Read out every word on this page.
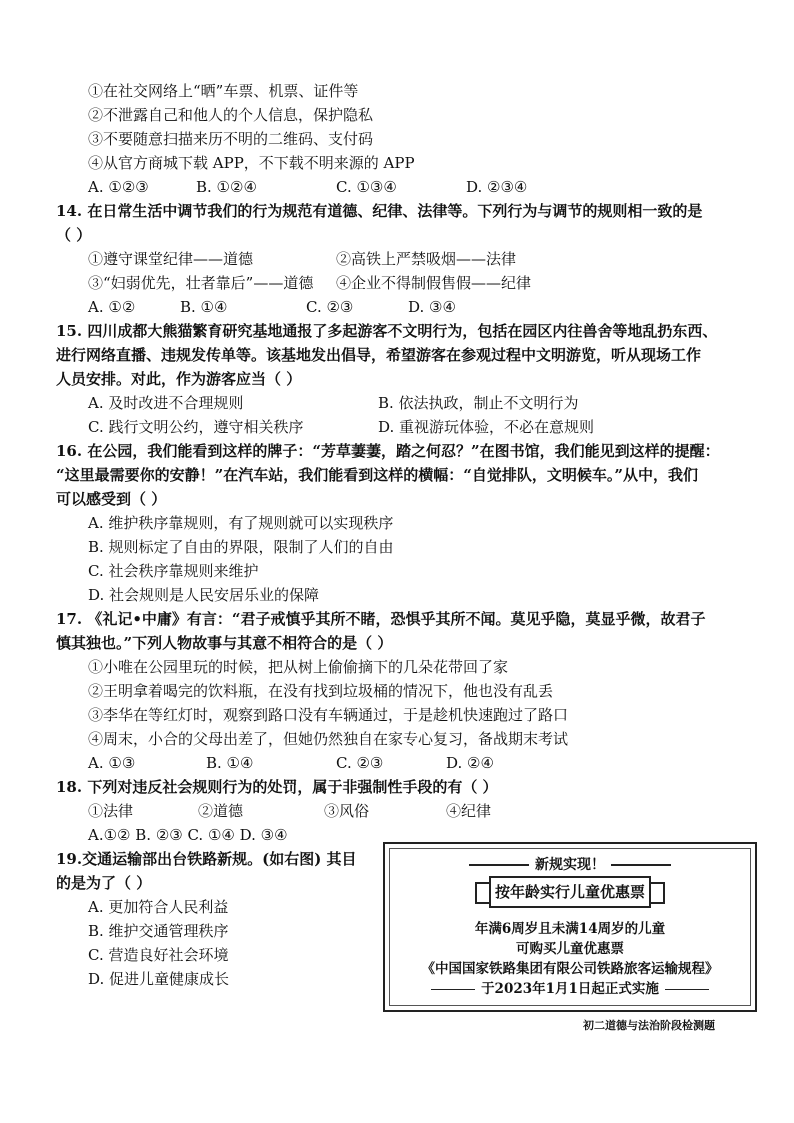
①在社交网络上“晒”车票、机票、证件等
②不泄露自己和他人的个人信息，保护隐私
③不要随意扫描来历不明的二维码、支付码
④从官方商城下载 APP，不下载不明来源的 APP
A. ①②③	B. ①②④	C. ①③④	D. ②③④
14. 在日常生活中调节我们的行为规范有道德、纪律、法律等。下列行为与调节的规则相一致的是
（ ）
①遵守课堂纪律——道德	②高铁上严禁吸烟——法律
③“妇弱优先，壮者靠后”——道德 ④企业不得制假售假——纪律
A. ①②	B. ①④	C. ②③	D. ③④
15. 四川成都大熊猫繁育研究基地通报了多起游客不文明行为，包括在园区内往兽舍等地乱扔东西、
进行网络直播、违规发传单等。该基地发出倡导，希望游客在参观过程中文明游览，听从现场工作
人员安排。对此，作为游客应当（ ）
A. 及时改进不合理规则	B. 依法执政，制止不文明行为
C. 践行文明公约，遵守相关秩序	D. 重视游玩体验，不必在意规则
16. 在公园，我们能看到这样的牌子：“芳草萋萋，踏之何忍？”在图书馆，我们能见到这样的提醒：
“这里最需要你的安静！”在汽车站，我们能看到这样的横幅：“自觉排队，文明候车。”从中，我们
可以感受到（ ）
A. 维护秩序靠规则，有了规则就可以实现秩序
B. 规则标定了自由的界限，限制了人们的自由
C. 社会秩序靠规则来维护
D. 社会规则是人民安居乐业的保障
17. 《礼记•中庸》有言：“君子戒慎乎其所不睹，恐惧乎其所不闻。莫见乎隐，莫显乎微，故君子
慎其独也。”下列人物故事与其意不相符合的是（ ）
①小唯在公园里玩的时候，把从树上偷偷摘下的几朵花带回了家
②王明拿着喝完的饮料瓶，在没有找到垃圾桶的情况下，他也没有乱丢
③李华在等红灯时，观察到路口没有车辆通过，于是趁机快速跑过了路口
④周末，小合的父母出差了，但她仍然独自在家专心复习，备战期末考试
A. ①③	B. ①④	C. ②③	D. ②④
18. 下列对违反社会规则行为的处罚，属于非强制性手段的有（ ）
①法律	②道德	③风俗	④纪律
A.①② B. ②③ C. ①④ D. ③④
19.交通运输部出台铁路新规。(如右图) 其目
的是为了（ ）
A. 更加符合人民利益
B. 维护交通管理秩序
C. 营造良好社会环境
D. 促进儿童健康成长
新规实现！
按年龄实行儿童优惠票
年满6周岁且未满14周岁的儿童
可购买儿童优惠票
《中国国家铁路集团有限公司铁路旅客运输规程》
于2023年1月1日起正式实施
初二道德与法治阶段检测题
